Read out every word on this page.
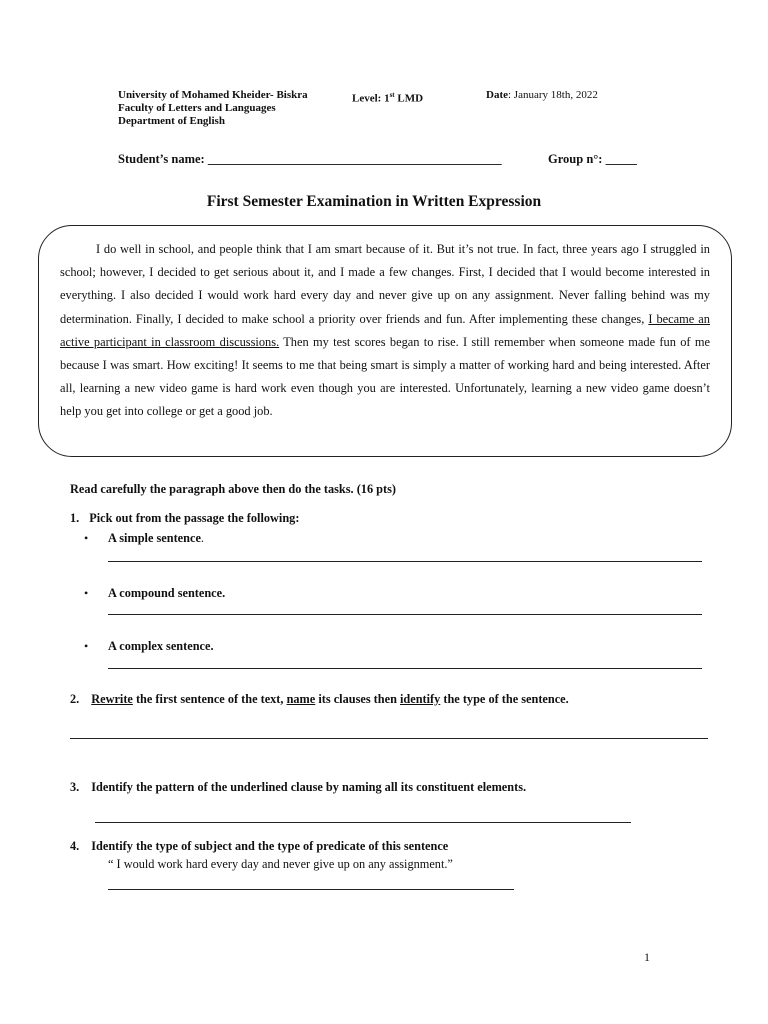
University of Mohamed Kheider- Biskra
Faculty of Letters and Languages
Department of English
Level: 1st LMD	Date: January 18th, 2022
Student’s name: _______________________________________________	Group n°: _____
First Semester Examination in Written Expression

I do well in school, and people think that I am smart because of it. But it’s not true. In fact, three years ago I struggled in school; however, I decided to get serious about it, and I made a few changes. First, I decided that I would become interested in everything. I also decided I would work hard every day and never give up on any assignment. Never falling behind was my determination. Finally, I decided to make school a priority over friends and fun. After implementing these changes, I became an active participant in classroom discussions. Then my test scores began to rise. I still remember when someone made fun of me because I was smart. How exciting! It seems to me that being smart is simply a matter of working hard and being interested. After all, learning a new video game is hard work even though you are interested. Unfortunately, learning a new video game doesn’t help you get into college or get a good job.

Read carefully the paragraph above then do the tasks. (16 pts)
1. Pick out from the passage the following:
• A simple sentence.
• A compound sentence.
• A complex sentence.
2. Rewrite the first sentence of the text, name its clauses then identify the type of the sentence.
3. Identify the pattern of the underlined clause by naming all its constituent elements.
4. Identify the type of subject and the type of predicate of this sentence
“ I would work hard every day and never give up on any assignment.”
1
